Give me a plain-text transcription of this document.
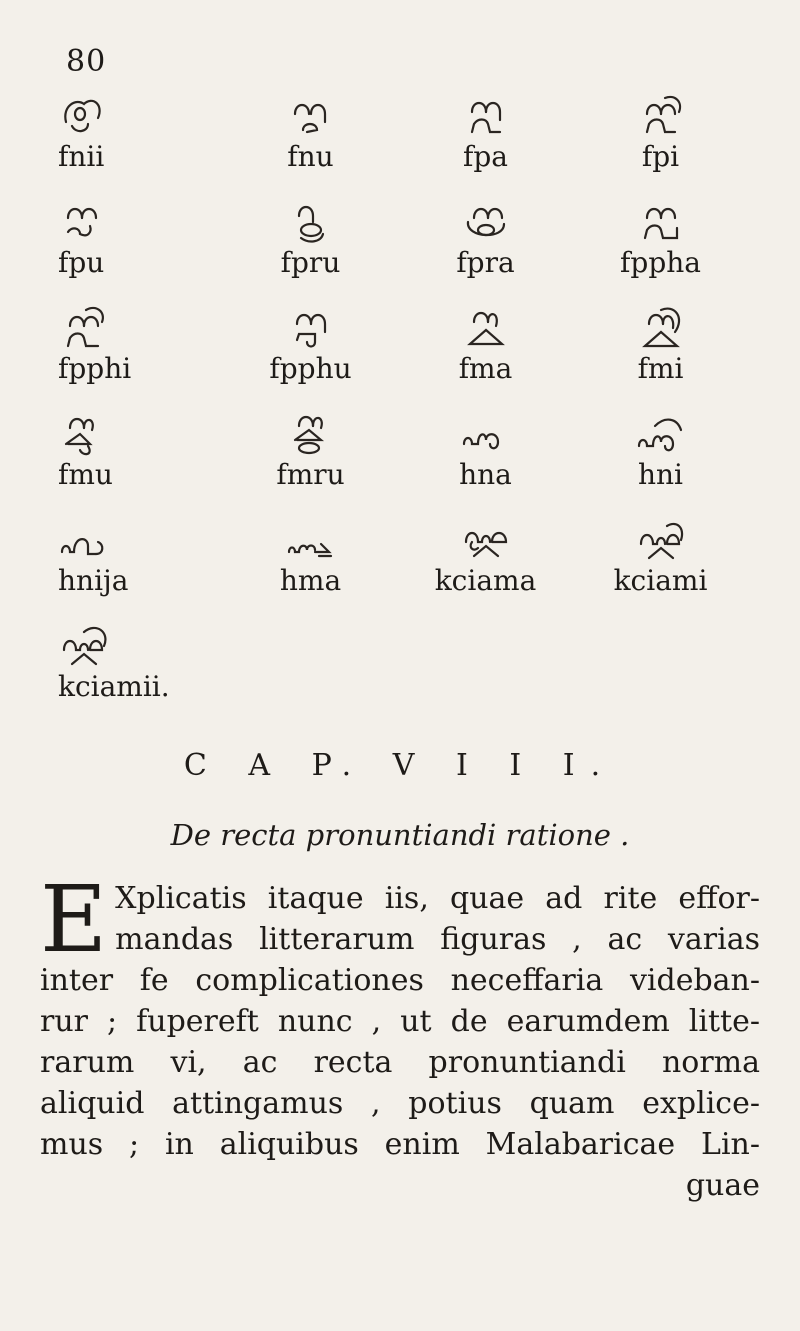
80
fnii	fnu	fpa	fpi
fpu	fpru	fpra	fppha
fpphi	fpphu	fma	fmi
fmu	fmru	hna	hni
hnija	hma	kciama	kciami
kciamii.
C A P. V I I I.
De recta pronuntiandi ratione .
E Xplicatis itaque iis, quae ad rite effor-
mandas litterarum figuras , ac varias
inter fe complicationes neceffaria videban-
rur ; fupereft nunc , ut de earumdem litte-
rarum vi, ac recta pronuntiandi norma
aliquid attingamus , potius quam explice-
mus ; in aliquibus enim Malabaricae Lin-
guae
